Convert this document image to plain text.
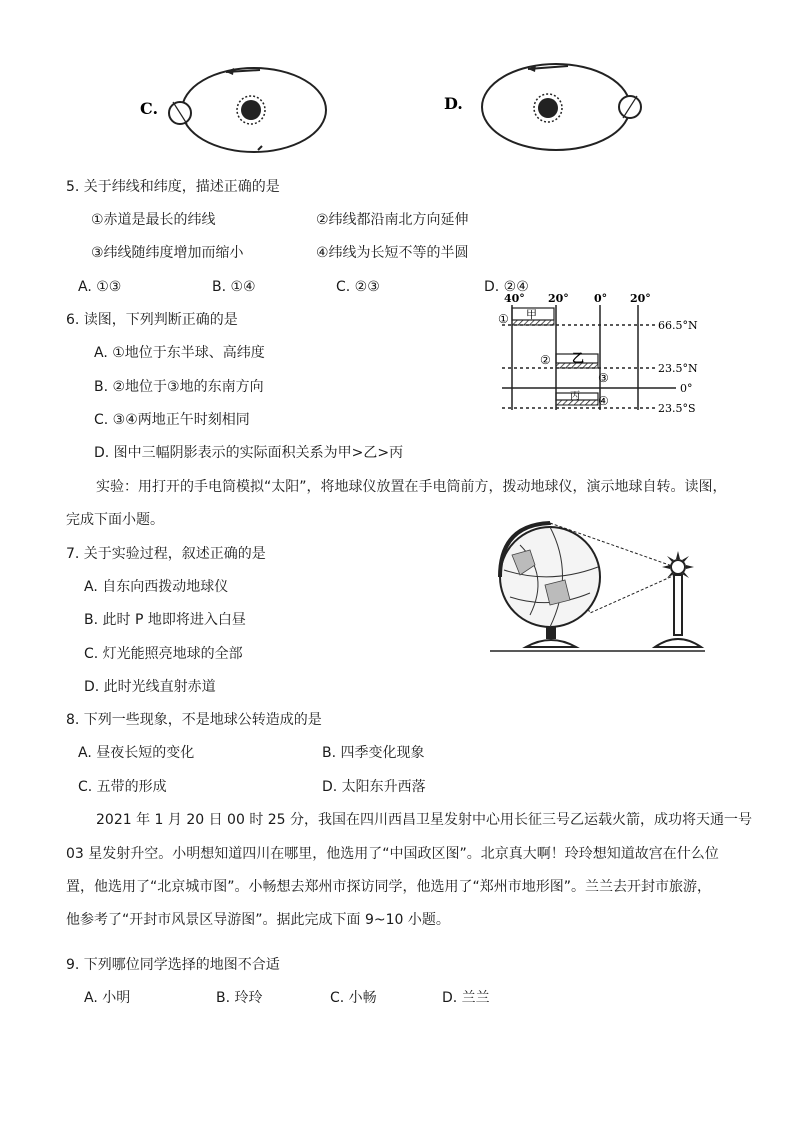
C.	D.
5. 关于纬线和纬度，描述正确的是
①赤道是最长的纬线	②纬线都沿南北方向延伸
③纬线随纬度增加而缩小	④纬线为长短不等的半圆
A. ①③	B. ①④	C. ②③	D. ②④
6. 读图，下列判断正确的是
A. ①地位于东半球、高纬度
B. ②地位于③地的东南方向
C. ③④两地正午时刻相同
D. 图中三幅阴影表示的实际面积关系为甲>乙>丙
40° 20° 0° 20°
66.5°N
23.5°N
0°
23.5°S
甲
乙
丙
①
②
③
④
实验：用打开的手电筒模拟“太阳”，将地球仪放置在手电筒前方，拨动地球仪，演示地球自转。读图，
完成下面小题。
7. 关于实验过程，叙述正确的是
A. 自东向西拨动地球仪
B. 此时 P 地即将进入白昼
C. 灯光能照亮地球的全部
D. 此时光线直射赤道
8. 下列一些现象，不是地球公转造成的是
A. 昼夜长短的变化	B. 四季变化现象
C. 五带的形成	D. 太阳东升西落
2021 年 1 月 20 日 00 时 25 分，我国在四川西昌卫星发射中心用长征三号乙运载火箭，成功将天通一号
03 星发射升空。小明想知道四川在哪里，他选用了“中国政区图”。北京真大啊！玲玲想知道故宫在什么位
置，他选用了“北京城市图”。小畅想去郑州市探访同学，他选用了“郑州市地形图”。兰兰去开封市旅游，
他参考了“开封市风景区导游图”。据此完成下面 9~10 小题。
9. 下列哪位同学选择的地图不合适
A. 小明	B. 玲玲	C. 小畅	D. 兰兰
